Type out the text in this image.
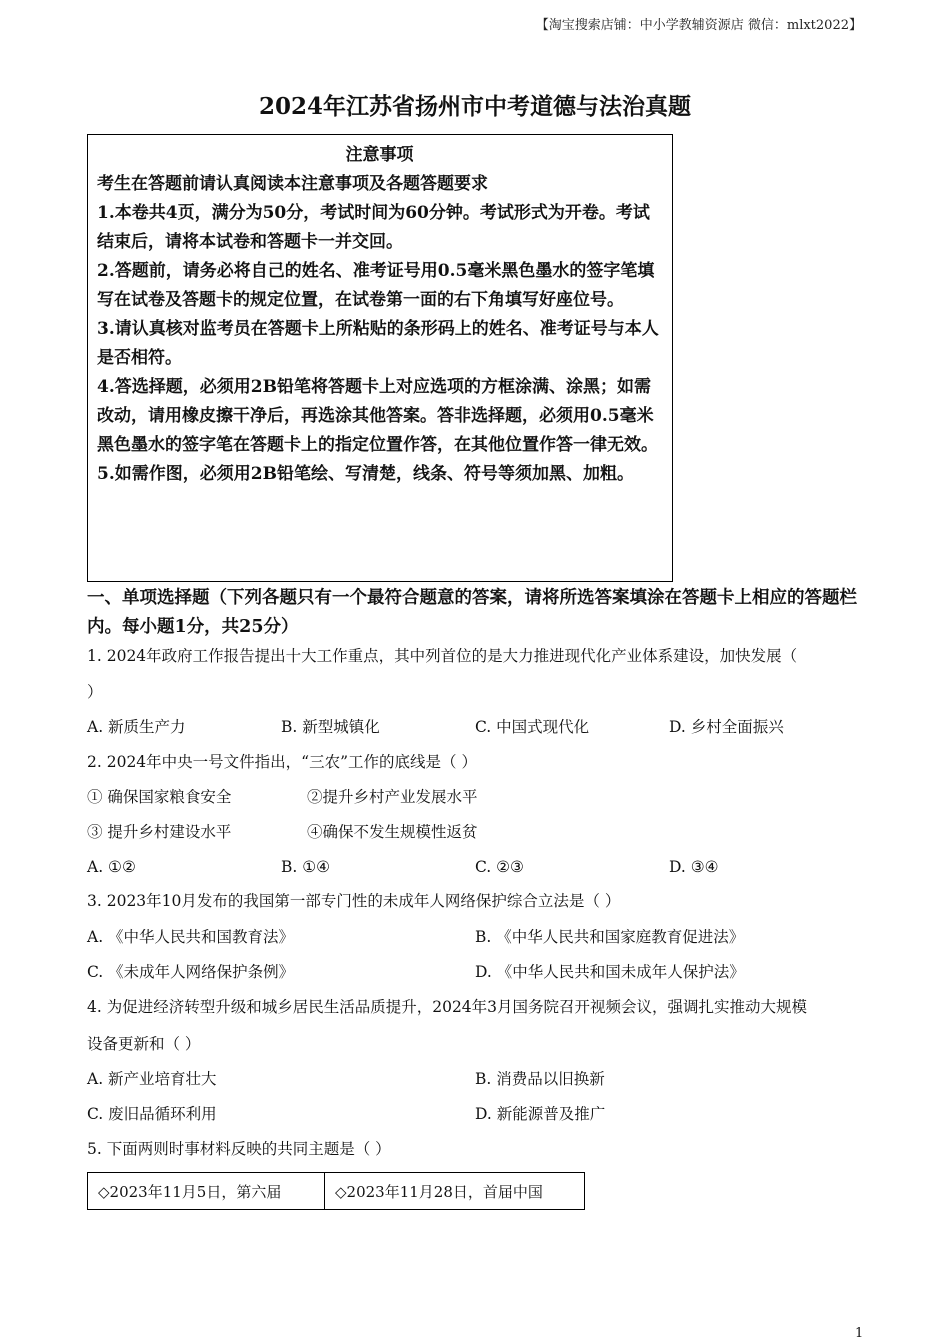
【淘宝搜索店铺：中小学教辅资源店 微信：mlxt2022】
2024年江苏省扬州市中考道德与法治真题

注意事项

考生在答题前请认真阅读本注意事项及各题答题要求

1.本卷共4页，满分为50分，考试时间为60分钟。考试形式为开卷。考试结束后，请将本试卷和答题卡一并交回。

2.答题前，请务必将自己的姓名、准考证号用0.5毫米黑色墨水的签字笔填写在试卷及答题卡的规定位置，在试卷第一面的右下角填写好座位号。

3.请认真核对监考员在答题卡上所粘贴的条形码上的姓名、准考证号与本人是否相符。

4.答选择题，必须用2B铅笔将答题卡上对应选项的方框涂满、涂黑；如需改动，请用橡皮擦干净后，再选涂其他答案。答非选择题，必须用0.5毫米黑色墨水的签字笔在答题卡上的指定位置作答，在其他位置作答一律无效。

5.如需作图，必须用2B铅笔绘、写清楚，线条、符号等须加黑、加粗。

一、单项选择题（下列各题只有一个最符合题意的答案，请将所选答案填涂在答题卡上相应的答题栏内。每小题1分，共25分）
1. 2024年政府工作报告提出十大工作重点，其中列首位的是大力推进现代化产业体系建设，加快发展（
）
A. 新质生产力	B. 新型城镇化	C. 中国式现代化	D. 乡村全面振兴
2. 2024年中央一号文件指出，“三农”工作的底线是（ ）
① 确保国家粮食安全	②提升乡村产业发展水平
③ 提升乡村建设水平	④确保不发生规模性返贫
A. ①②	B. ①④	C. ②③	D. ③④
3. 2023年10月发布的我国第一部专门性的未成年人网络保护综合立法是（ ）
A. 《中华人民共和国教育法》	B. 《中华人民共和国家庭教育促进法》
C. 《未成年人网络保护条例》	D. 《中华人民共和国未成年人保护法》
4. 为促进经济转型升级和城乡居民生活品质提升，2024年3月国务院召开视频会议，强调扎实推动大规模
设备更新和（ ）
A. 新产业培育壮大	B. 消费品以旧换新
C. 废旧品循环利用	D. 新能源普及推广
5. 下面两则时事材料反映的共同主题是（ ）
◇2023年11月5日，第六届	◇2023年11月28日，首届中国
1
